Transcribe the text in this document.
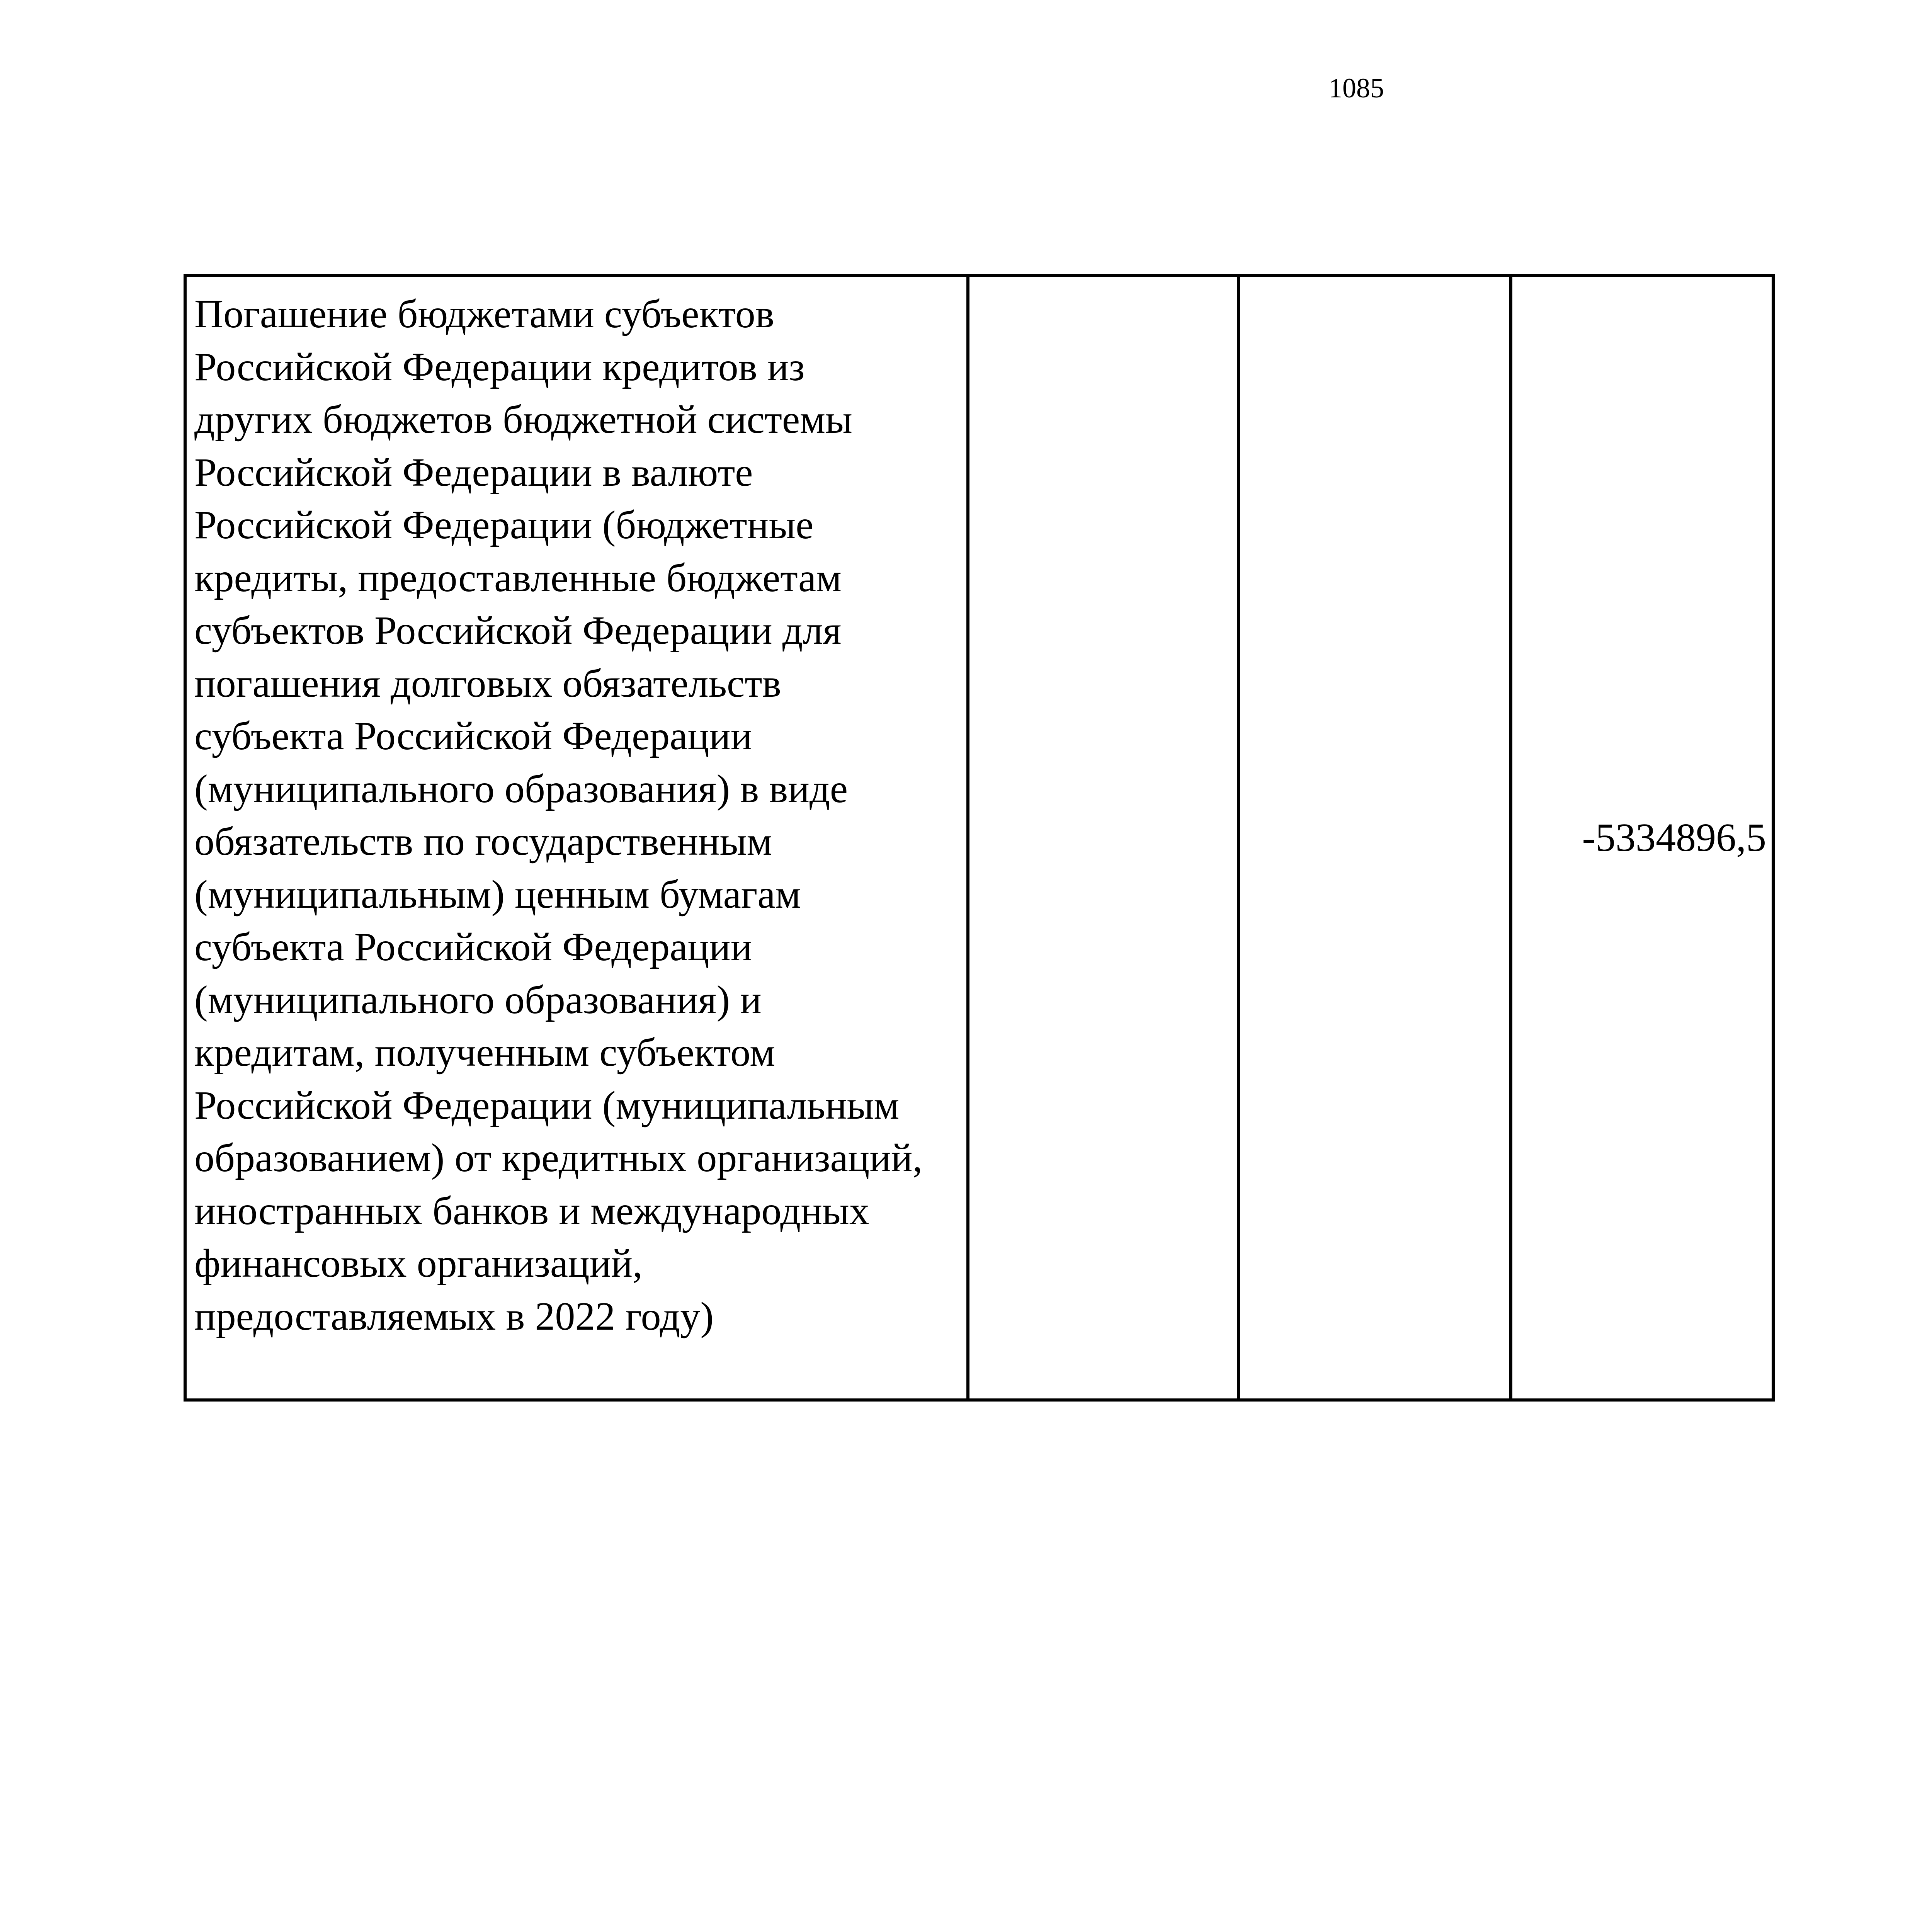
1085
Погашение бюджетами субъектов
Российской Федерации кредитов из
других бюджетов бюджетной системы
Российской Федерации в валюте
Российской Федерации (бюджетные
кредиты, предоставленные бюджетам
субъектов Российской Федерации для
погашения долговых обязательств
субъекта Российской Федерации
(муниципального образования) в виде
обязательств по государственным
(муниципальным) ценным бумагам
субъекта Российской Федерации
(муниципального образования) и
кредитам, полученным субъектом
Российской Федерации (муниципальным
образованием) от кредитных организаций,
иностранных банков и международных
финансовых организаций,
предоставляемых в 2022 году)			-5334896,5
